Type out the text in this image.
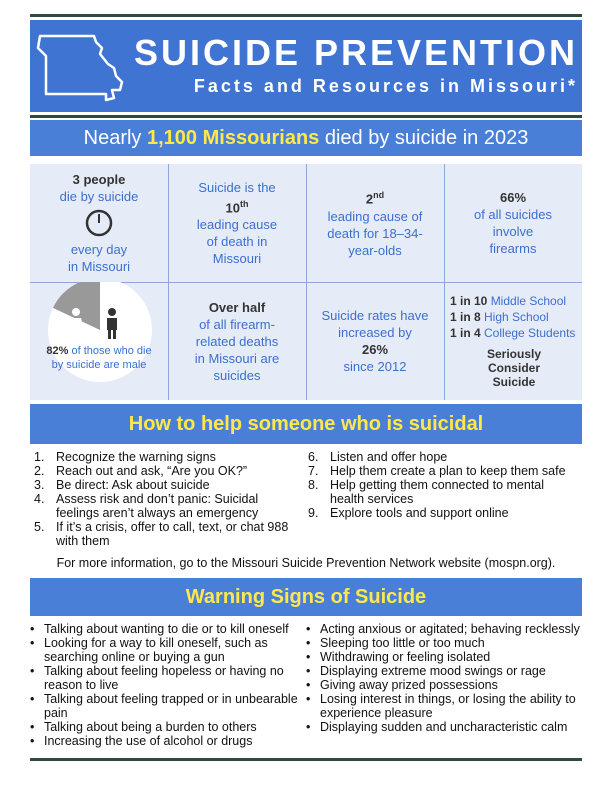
SUICIDE PREVENTION
Facts and Resources in Missouri*
Nearly 1,100 Missourians died by suicide in 2023
3 people
die by suicide
every day
in Missouri
Suicide is the
10th
leading cause
of death in
Missouri
2nd
leading cause of
death for 18–34-
year-olds
66%
of all suicides
involve
firearms
82% of those who die by suicide are male
Over half
of all firearm-
related deaths
in Missouri are
suicides
Suicide rates have
increased by
26%
since 2012
1 in 10 Middle School
1 in 8 High School
1 in 4 College Students
Seriously
Consider
Suicide
How to help someone who is suicidal
1. Recognize the warning signs
2. Reach out and ask, “Are you OK?”
3. Be direct: Ask about suicide
4. Assess risk and don’t panic: Suicidal feelings aren’t always an emergency
5. If it’s a crisis, offer to call, text, or chat 988 with them
6. Listen and offer hope
7. Help them create a plan to keep them safe
8. Help getting them connected to mental health services
9. Explore tools and support online
For more information, go to the Missouri Suicide Prevention Network website (mospn.org).
Warning Signs of Suicide
• Talking about wanting to die or to kill oneself
• Looking for a way to kill oneself, such as searching online or buying a gun
• Talking about feeling hopeless or having no reason to live
• Talking about feeling trapped or in unbearable pain
• Talking about being a burden to others
• Increasing the use of alcohol or drugs
• Acting anxious or agitated; behaving recklessly
• Sleeping too little or too much
• Withdrawing or feeling isolated
• Displaying extreme mood swings or rage
• Giving away prized possessions
• Losing interest in things, or losing the ability to experience pleasure
• Displaying sudden and uncharacteristic calm
